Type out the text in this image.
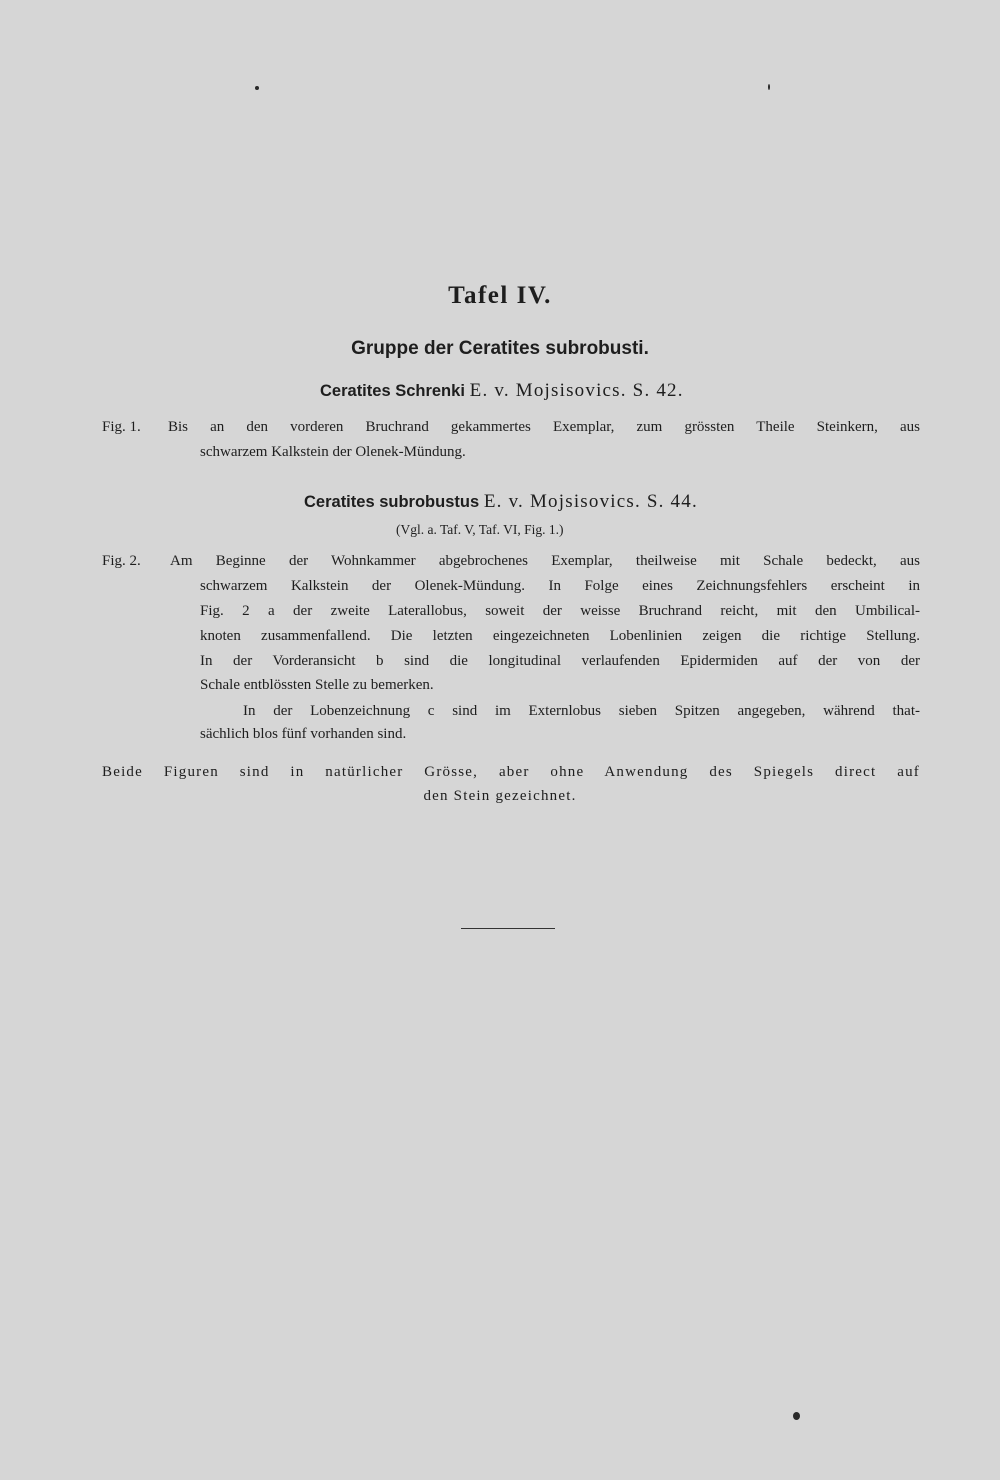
Tafel IV.
Gruppe der Ceratites subrobusti.
Ceratites Schrenki E. v. Mojsisovics. S. 42.
Fig. 1. Bis an den vorderen Bruchrand gekammertes Exemplar, zum grössten Theile Steinkern, aus
schwarzem Kalkstein der Olenek-Mündung.
Ceratites subrobustus E. v. Mojsisovics. S. 44.
(Vgl. a. Taf. V, Taf. VI, Fig. 1.)
Fig. 2. Am Beginne der Wohnkammer abgebrochenes Exemplar, theilweise mit Schale bedeckt, aus
schwarzem Kalkstein der Olenek-Mündung. In Folge eines Zeichnungsfehlers erscheint in
Fig. 2 a der zweite Laterallobus, soweit der weisse Bruchrand reicht, mit den Umbilical-
knoten zusammenfallend. Die letzten eingezeichneten Lobenlinien zeigen die richtige Stellung.
In der Vorderansicht b sind die longitudinal verlaufenden Epidermiden auf der von der
Schale entblössten Stelle zu bemerken.
In der Lobenzeichnung c sind im Externlobus sieben Spitzen angegeben, während that-
sächlich blos fünf vorhanden sind.
Beide Figuren sind in natürlicher Grösse, aber ohne Anwendung des Spiegels direct auf
den Stein gezeichnet.
